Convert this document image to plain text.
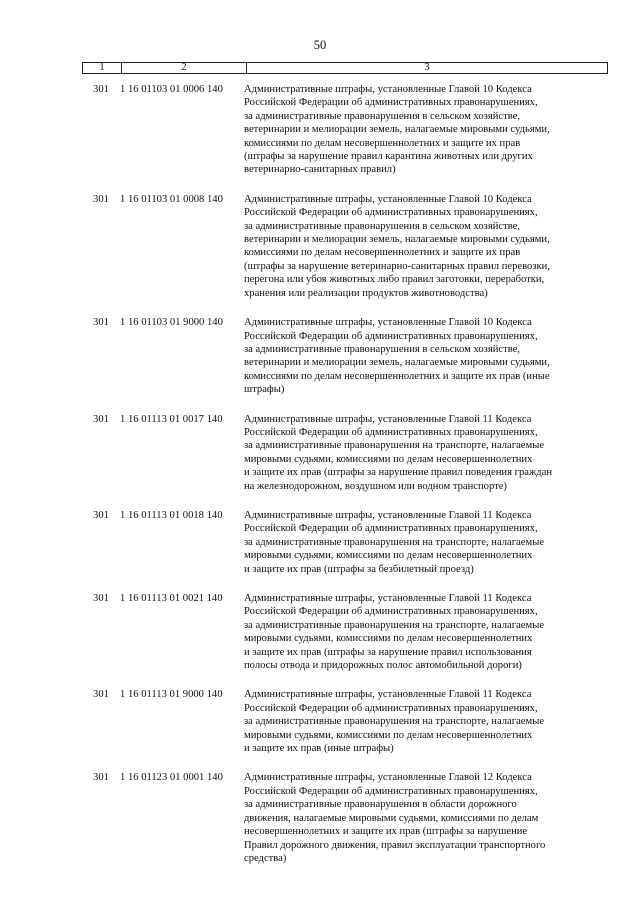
50
1	2	3
301	1 16 01103 01 0006 140	Административные штрафы, установленные Главой 10 Кодекса
Российской Федерации об административных правонарушениях,
за административные правонарушения в сельском хозяйстве,
ветеринарии и мелиорации земель, налагаемые мировыми судьями,
комиссиями по делам несовершеннолетних и защите их прав
(штрафы за нарушение правил карантина животных или других
ветеринарно-санитарных правил)
301	1 16 01103 01 0008 140	Административные штрафы, установленные Главой 10 Кодекса
Российской Федерации об административных правонарушениях,
за административные правонарушения в сельском хозяйстве,
ветеринарии и мелиорации земель, налагаемые мировыми судьями,
комиссиями по делам несовершеннолетних и защите их прав
(штрафы за нарушение ветеринарно-санитарных правил перевозки,
перегона или убоя животных либо правил заготовки, переработки,
хранения или реализации продуктов животноводства)
301	1 16 01103 01 9000 140	Административные штрафы, установленные Главой 10 Кодекса
Российской Федерации об административных правонарушениях,
за административные правонарушения в сельском хозяйстве,
ветеринарии и мелиорации земель, налагаемые мировыми судьями,
комиссиями по делам несовершеннолетних и защите их прав (иные
штрафы)
301	1 16 01113 01 0017 140	Административные штрафы, установленные Главой 11 Кодекса
Российской Федерации об административных правонарушениях,
за административные правонарушения на транспорте, налагаемые
мировыми судьями, комиссиями по делам несовершеннолетних
и защите их прав (штрафы за нарушение правил поведения граждан
на железнодорожном, воздушном или водном транспорте)
301	1 16 01113 01 0018 140	Административные штрафы, установленные Главой 11 Кодекса
Российской Федерации об административных правонарушениях,
за административные правонарушения на транспорте, налагаемые
мировыми судьями, комиссиями по делам несовершеннолетних
и защите их прав (штрафы за безбилетный проезд)
301	1 16 01113 01 0021 140	Административные штрафы, установленные Главой 11 Кодекса
Российской Федерации об административных правонарушениях,
за административные правонарушения на транспорте, налагаемые
мировыми судьями, комиссиями по делам несовершеннолетних
и защите их прав (штрафы за нарушение правил использования
полосы отвода и придорожных полос автомобильной дороги)
301	1 16 01113 01 9000 140	Административные штрафы, установленные Главой 11 Кодекса
Российской Федерации об административных правонарушениях,
за административные правонарушения на транспорте, налагаемые
мировыми судьями, комиссиями по делам несовершеннолетних
и защите их прав (иные штрафы)
301	1 16 01123 01 0001 140	Административные штрафы, установленные Главой 12 Кодекса
Российской Федерации об административных правонарушениях,
за административные правонарушения в области дорожного
движения, налагаемые мировыми судьями, комиссиями по делам
несовершеннолетних и защите их прав (штрафы за нарушение
Правил дорожного движения, правил эксплуатации транспортного
средства)
